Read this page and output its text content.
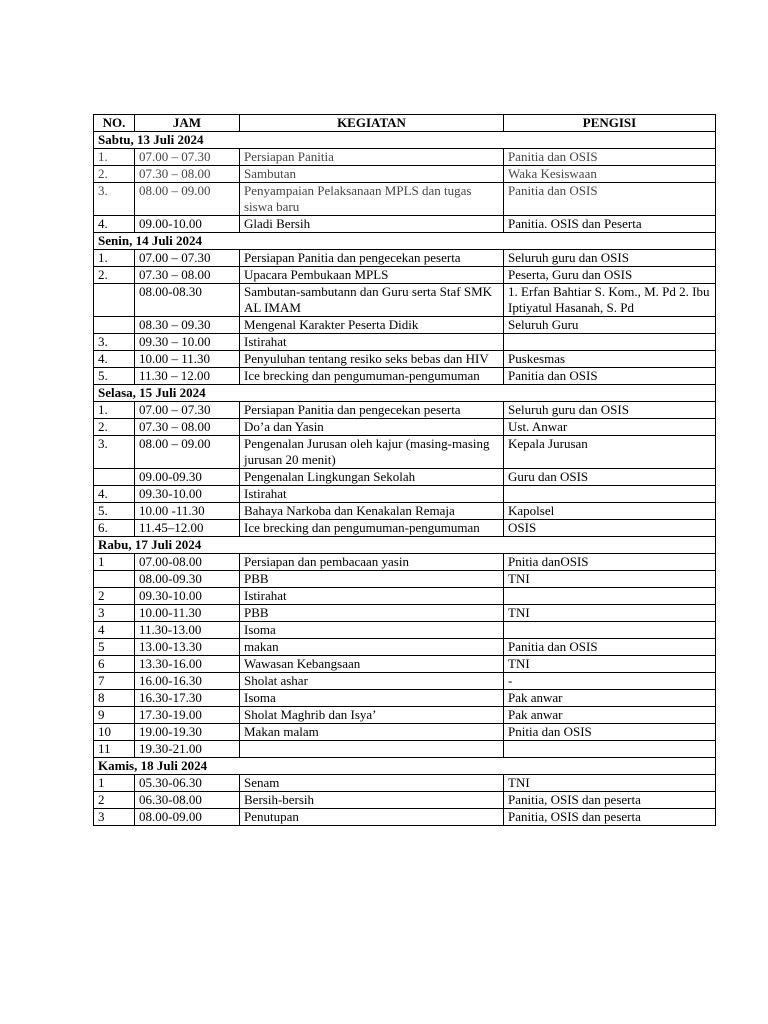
NO.	JAM	KEGIATAN	PENGISI
Sabtu, 13 Juli 2024			
1.	07.00 – 07.30	Persiapan Panitia	Panitia dan OSIS
2.	07.30 – 08.00	Sambutan	Waka Kesiswaan
3.	08.00 – 09.00	Penyampaian Pelaksanaan MPLS dan tugas siswa baru	Panitia dan OSIS
4.	09.00-10.00	Gladi Bersih	Panitia. OSIS dan Peserta
Senin, 14 Juli 2024			
1.	07.00 – 07.30	Persiapan Panitia dan pengecekan peserta	Seluruh guru dan OSIS
2.	07.30 – 08.00	Upacara Pembukaan MPLS	Peserta, Guru dan OSIS
	08.00-08.30	Sambutan-sambutann dan Guru serta Staf SMK AL IMAM	1. Erfan Bahtiar S. Kom., M. Pd 2. Ibu Iptiyatul Hasanah, S. Pd
	08.30 – 09.30	Mengenal Karakter Peserta Didik	Seluruh Guru
3.	09.30 – 10.00	Istirahat	
4.	10.00 – 11.30	Penyuluhan tentang resiko seks bebas dan HIV	Puskesmas
5.	11.30 – 12.00	Ice brecking dan pengumuman-pengumuman	Panitia dan OSIS
Selasa, 15 Juli 2024			
1.	07.00 – 07.30	Persiapan Panitia dan pengecekan peserta	Seluruh guru dan OSIS
2.	07.30 – 08.00	Do’a dan Yasin	Ust. Anwar
3.	08.00 – 09.00	Pengenalan Jurusan oleh kajur (masing-masing jurusan 20 menit)	Kepala Jurusan
	09.00-09.30	Pengenalan Lingkungan Sekolah	Guru dan OSIS
4.	09.30-10.00	Istirahat	
5.	10.00 -11.30	Bahaya Narkoba dan Kenakalan Remaja	Kapolsel
6.	11.45–12.00	Ice brecking dan pengumuman-pengumuman	OSIS
Rabu, 17 Juli 2024			
1	07.00-08.00	Persiapan dan pembacaan yasin	Pnitia danOSIS
	08.00-09.30	PBB	TNI
2	09.30-10.00	Istirahat	
3	10.00-11.30	PBB	TNI
4	11.30-13.00	Isoma	
5	13.00-13.30	makan	Panitia dan OSIS
6	13.30-16.00	Wawasan Kebangsaan	TNI
7	16.00-16.30	Sholat ashar	-
8	16.30-17.30	Isoma	Pak anwar
9	17.30-19.00	Sholat Maghrib dan Isya’	Pak anwar
10	19.00-19.30	Makan malam	Pnitia dan OSIS
11	19.30-21.00		
Kamis, 18 Juli 2024			
1	05.30-06.30	Senam	TNI
2	06.30-08.00	Bersih-bersih	Panitia, OSIS dan peserta
3	08.00-09.00	Penutupan	Panitia, OSIS dan peserta
